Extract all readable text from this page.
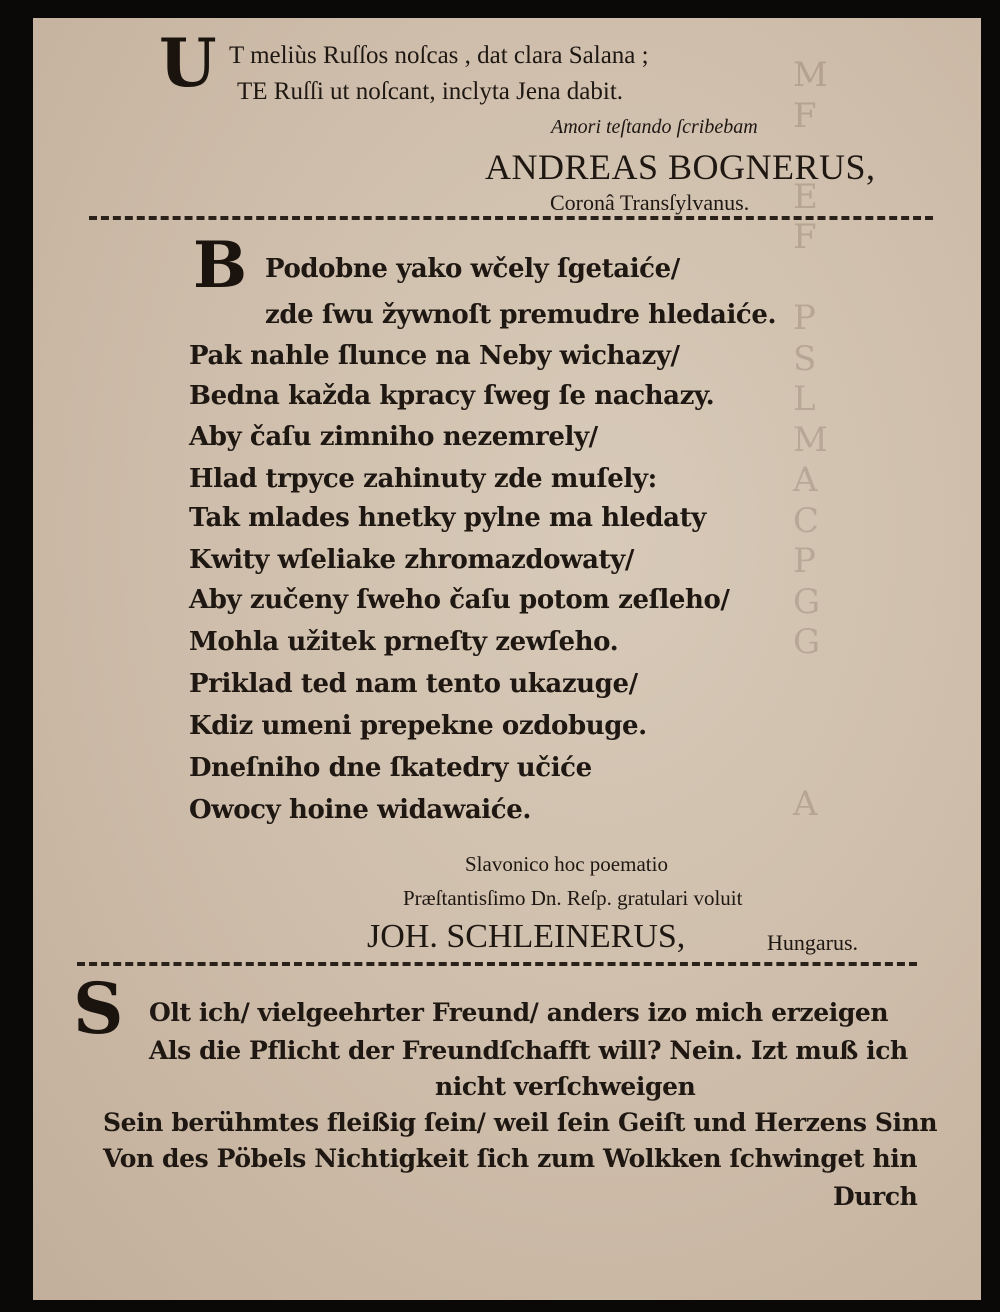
M
F

E
F

P
S
L
M
A
C
P
G
G

A
U T meliùs Ruſſos noſcas , dat clara Salana ;
TE Ruſſi ut noſcant, inclyta Jena dabit.
Amori teſtando ſcribebam
ANDREAS BOGNERUS,
Coronâ Transſylvanus.
B Podobne yako wčely ſgetaiće/
zde ſwu žywnoſt premudre hledaiće.
Pak nahle ſlunce na Neby wichazy/
Bedna každa kpracy ſweg ſe nachazy.
Aby čaſu zimniho nezemrely/
Hlad trpyce zahinuty zde muſely:
Tak mlades hnetky pylne ma hledaty
Kwity wſeliake zhromazdowaty/
Aby zučeny ſweho čaſu potom zeſleho/
Mohla užitek prneſty zewſeho.
Priklad ted nam tento ukazuge/
Kdiz umeni prepekne ozdobuge.
Dneſniho dne ſkatedry učiće
Owocy hoine widawaiće.
Slavonico hoc poematio
Præſtantisſimo Dn. Reſp. gratulari voluit
JOH. SCHLEINERUS,	Hungarus.
S Olt ich/ vielgeehrter Freund/ anders izo mich erzeigen
Als die Pflicht der Freundſchafft will? Nein. Izt muß ich
nicht verſchweigen
Sein berühmtes fleißig ſein/ weil ſein Geiſt und Herzens Sinn
Von des Pöbels Nichtigkeit ſich zum Wolkken ſchwinget hin
Durch
